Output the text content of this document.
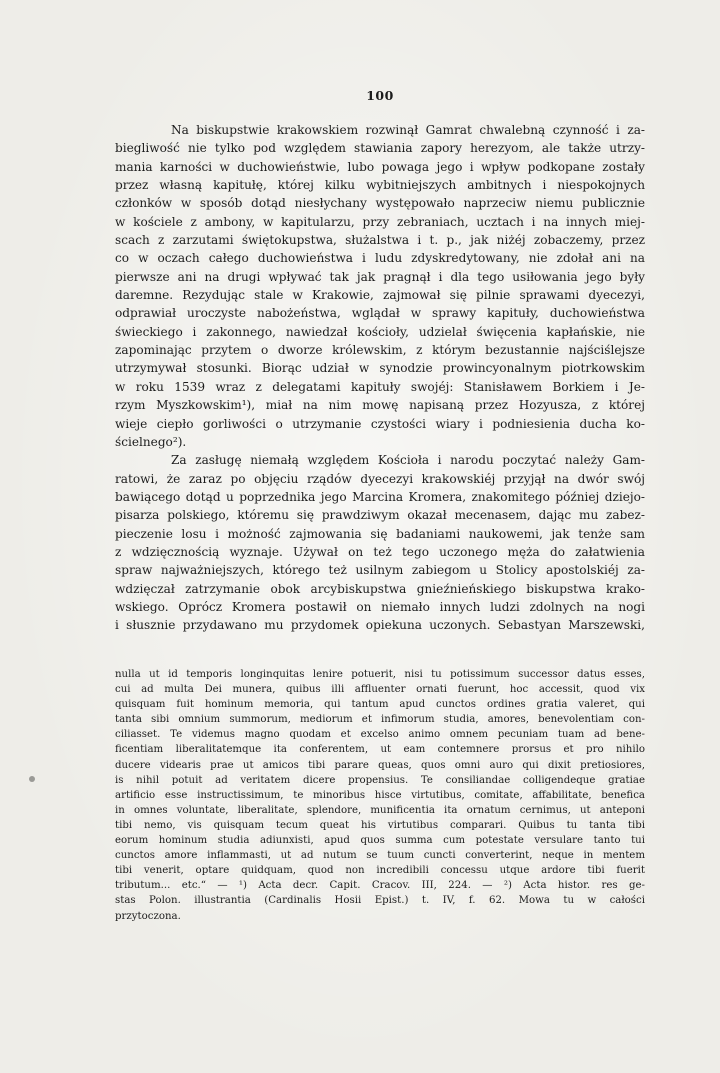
100
Na biskupstwie krakowskiem rozwinął Gamrat chwalebną czynność i za-
biegliwość nie tylko pod względem stawiania zapory herezyom, ale także utrzy-
mania karności w duchowieństwie, lubo powaga jego i wpływ podkopane zostały
przez własną kapitułę, której kilku wybitniejszych ambitnych i niespokojnych
członków w sposób dotąd niesłychany występowało naprzeciw niemu publicznie
w kościele z ambony, w kapitularzu, przy zebraniach, ucztach i na innych miej-
scach z zarzutami świętokupstwa, służalstwa i t. p., jak niżéj zobaczemy, przez
co w oczach całego duchowieństwa i ludu zdyskredytowany, nie zdołał ani na
pierwsze ani na drugi wpływać tak jak pragnął i dla tego usiłowania jego były
daremne. Rezydując stale w Krakowie, zajmował się pilnie sprawami dyecezyi,
odprawiał uroczyste nabożeństwa, wglądał w sprawy kapituły, duchowieństwa
świeckiego i zakonnego, nawiedzał kościoły, udzielał święcenia kapłańskie, nie
zapominając przytem o dworze królewskim, z którym bezustannie najściślejsze
utrzymywał stosunki. Biorąc udział w synodzie prowincyonalnym piotrkowskim
w roku 1539 wraz z delegatami kapituły swojéj: Stanisławem Borkiem i Je-
rzym Myszkowskim¹), miał na nim mowę napisaną przez Hozyusza, z której
wieje ciepło gorliwości o utrzymanie czystości wiary i podniesienia ducha ko-
ścielnego²).
Za zasługę niemałą względem Kościoła i narodu poczytać należy Gam-
ratowi, że zaraz po objęciu rządów dyecezyi krakowskiéj przyjął na dwór swój
bawiącego dotąd u poprzednika jego Marcina Kromera, znakomitego później dziejo-
pisarza polskiego, któremu się prawdziwym okazał mecenasem, dając mu zabez-
pieczenie losu i możność zajmowania się badaniami naukowemi, jak tenże sam
z wdzięcznością wyznaje. Używał on też tego uczonego męża do załatwienia
spraw najważniejszych, którego też usilnym zabiegom u Stolicy apostolskiéj za-
wdzięczał zatrzymanie obok arcybiskupstwa gnieźnieńskiego biskupstwa krako-
wskiego. Oprócz Kromera postawił on niemało innych ludzi zdolnych na nogi
i słusznie przydawano mu przydomek opiekuna uczonych. Sebastyan Marszewski,
nulla ut id temporis longinquitas lenire potuerit, nisi tu potissimum successor datus esses,
cui ad multa Dei munera, quibus illi affluenter ornati fuerunt, hoc accessit, quod vix
quisquam fuit hominum memoria, qui tantum apud cunctos ordines gratia valeret, qui
tanta sibi omnium summorum, mediorum et infimorum studia, amores, benevolentiam con-
ciliasset. Te videmus magno quodam et excelso animo omnem pecuniam tuam ad bene-
ficentiam liberalitatemque ita conferentem, ut eam contemnere prorsus et pro nihilo
ducere videaris prae ut amicos tibi parare queas, quos omni auro qui dixit pretiosiores,
is nihil potuit ad veritatem dicere propensius. Te consiliandae colligendeque gratiae
artificio esse instructissimum, te minoribus hisce virtutibus, comitate, affabilitate, benefica
in omnes voluntate, liberalitate, splendore, munificentia ita ornatum cernimus, ut anteponi
tibi nemo, vis quisquam tecum queat his virtutibus comparari. Quibus tu tanta tibi
eorum hominum studia adiunxisti, apud quos summa cum potestate versulare tanto tui
cunctos amore inflammasti, ut ad nutum se tuum cuncti converterint, neque in mentem
tibi venerit, optare quidquam, quod non incredibili concessu utque ardore tibi fuerit
tributum... etc.“ — ¹) Acta decr. Capit. Cracov. III, 224. — ²) Acta histor. res ge-
stas Polon. illustrantia (Cardinalis Hosii Epist.) t. IV, f. 62. Mowa tu w całości
przytoczona.
